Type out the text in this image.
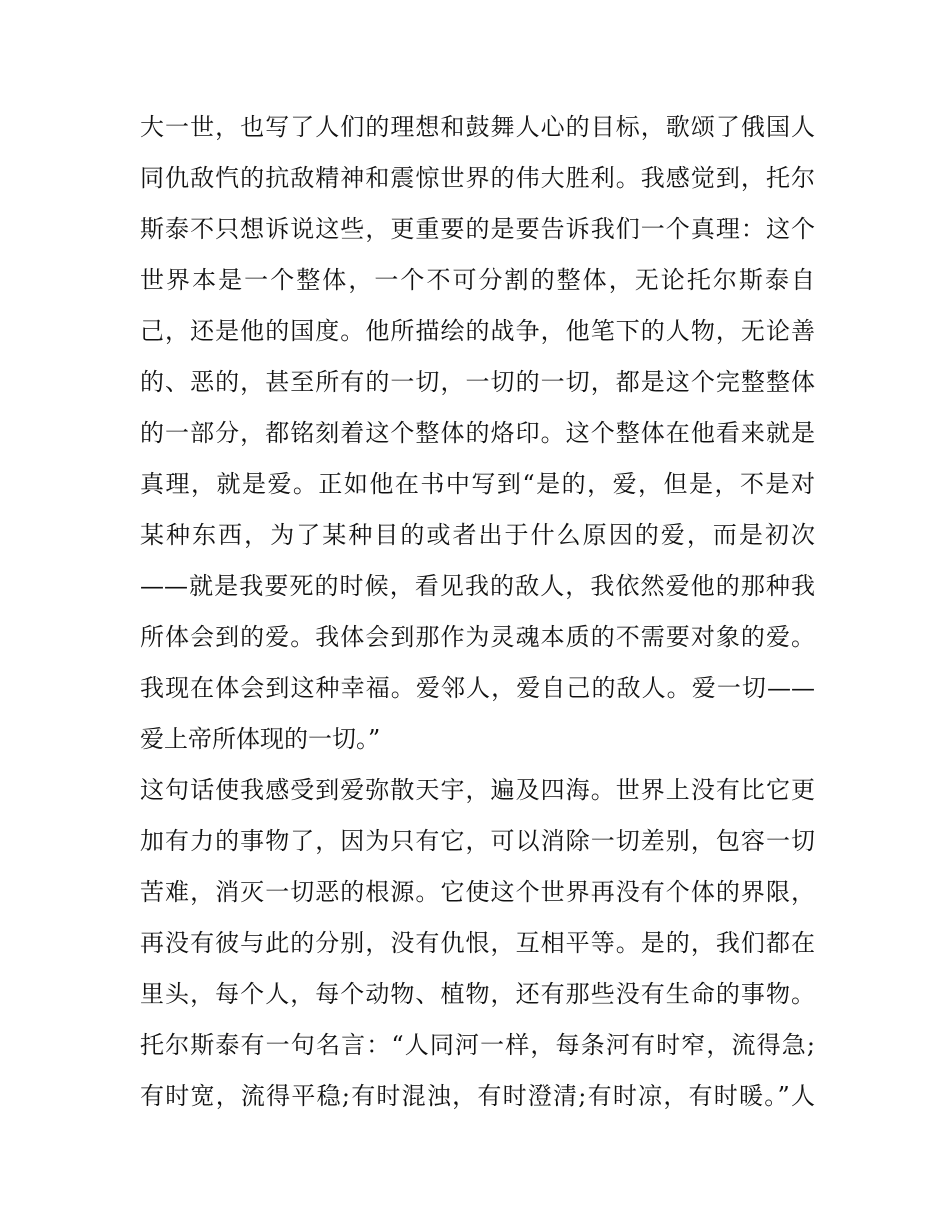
大一世，也写了人们的理想和鼓舞人心的目标，歌颂了俄国人
同仇敌忾的抗敌精神和震惊世界的伟大胜利。我感觉到，托尔
斯泰不只想诉说这些，更重要的是要告诉我们一个真理：这个
世界本是一个整体，一个不可分割的整体，无论托尔斯泰自
己，还是他的国度。他所描绘的战争，他笔下的人物，无论善
的、恶的，甚至所有的一切，一切的一切，都是这个完整整体
的一部分，都铭刻着这个整体的烙印。这个整体在他看来就是
真理，就是爱。正如他在书中写到“是的，爱，但是，不是对
某种东西，为了某种目的或者出于什么原因的爱，而是初次
——就是我要死的时候，看见我的敌人，我依然爱他的那种我
所体会到的爱。我体会到那作为灵魂本质的不需要对象的爱。
我现在体会到这种幸福。爱邻人，爱自己的敌人。爱一切——
爱上帝所体现的一切。”
这句话使我感受到爱弥散天宇，遍及四海。世界上没有比它更
加有力的事物了，因为只有它，可以消除一切差别，包容一切
苦难，消灭一切恶的根源。它使这个世界再没有个体的界限，
再没有彼与此的分别，没有仇恨，互相平等。是的，我们都在
里头，每个人，每个动物、植物，还有那些没有生命的事物。
托尔斯泰有一句名言：“人同河一样，每条河有时窄，流得急;
有时宽，流得平稳;有时混浊，有时澄清;有时凉，有时暖。”人
